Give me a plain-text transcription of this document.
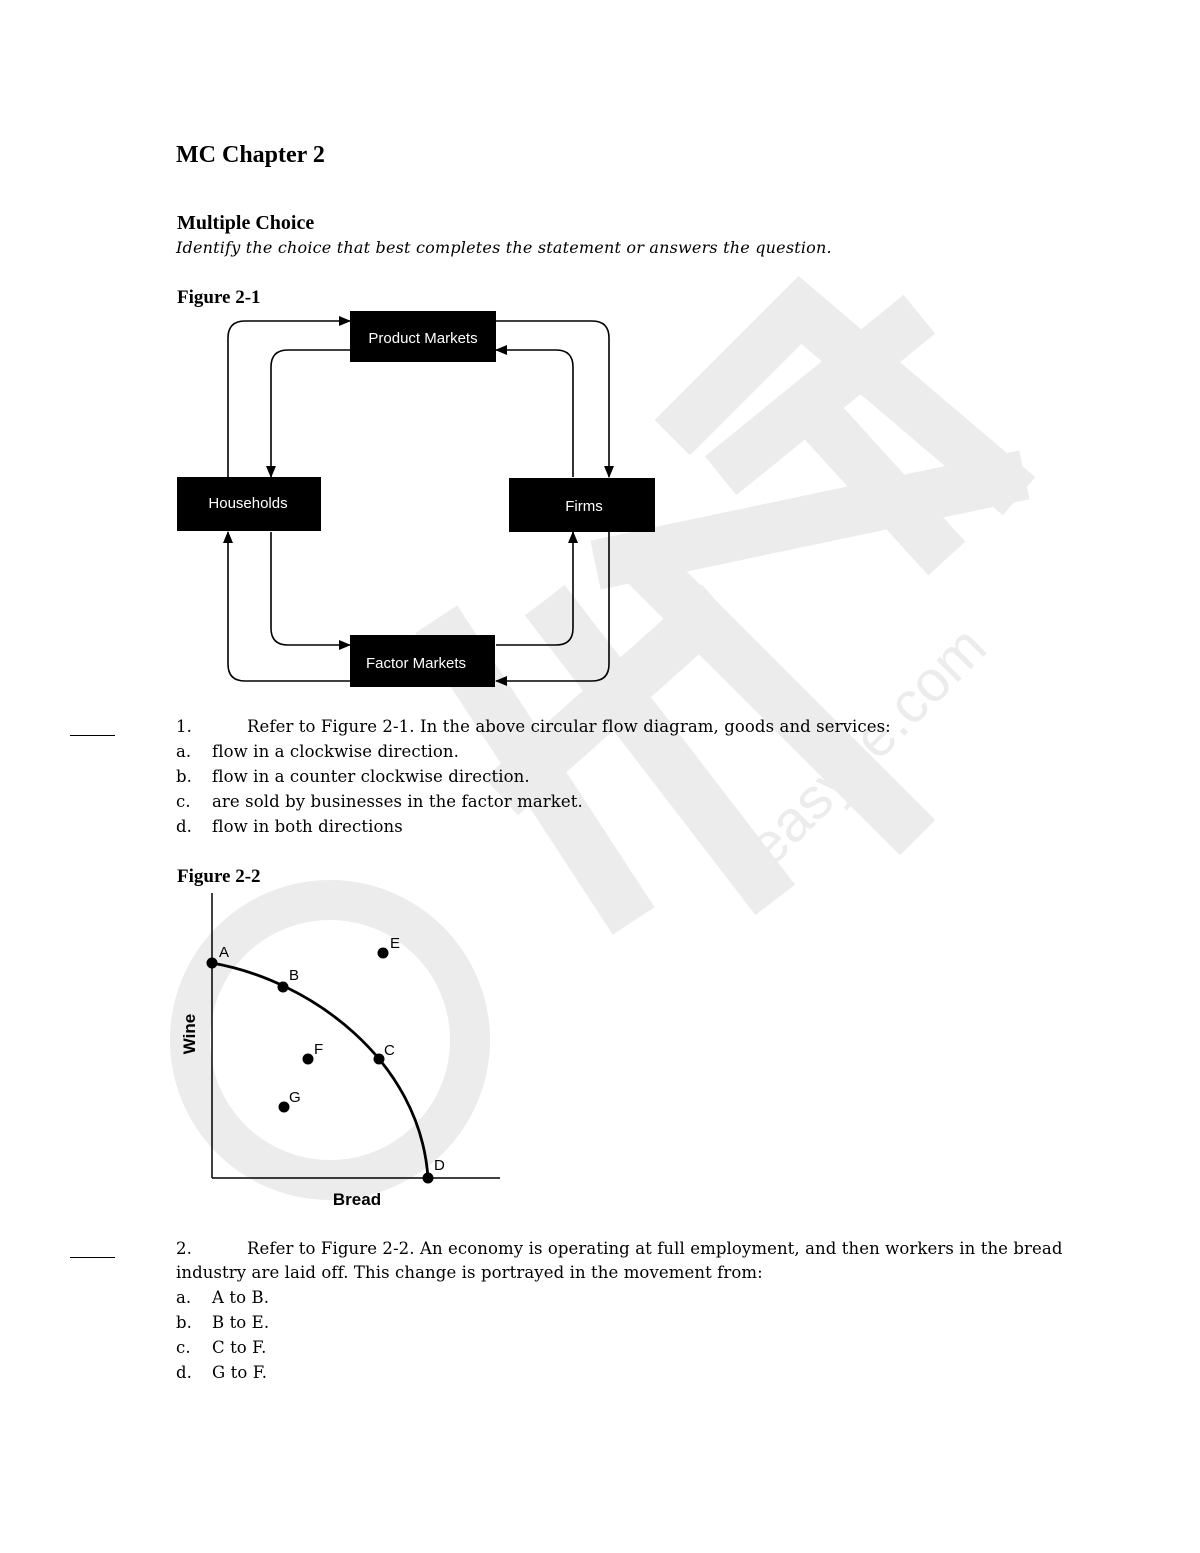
easyke.com
MC Chapter 2
Multiple Choice
Identify the choice that best completes the statement or answers the question.
Figure 2-1
Product Markets
Households	Firms
Factor Markets
1.	Refer to Figure 2-1. In the above circular flow diagram, goods and services:
a. flow in a clockwise direction.
b. flow in a counter clockwise direction.
c. are sold by businesses in the factor market.
d. flow in both directions
Figure 2-2
A
B
C
D
E
F
G
Wine
Bread
2.	Refer to Figure 2-2. An economy is operating at full employment, and then workers in the bread
industry are laid off. This change is portrayed in the movement from:
a. A to B.
b. B to E.
c. C to F.
d. G to F.
